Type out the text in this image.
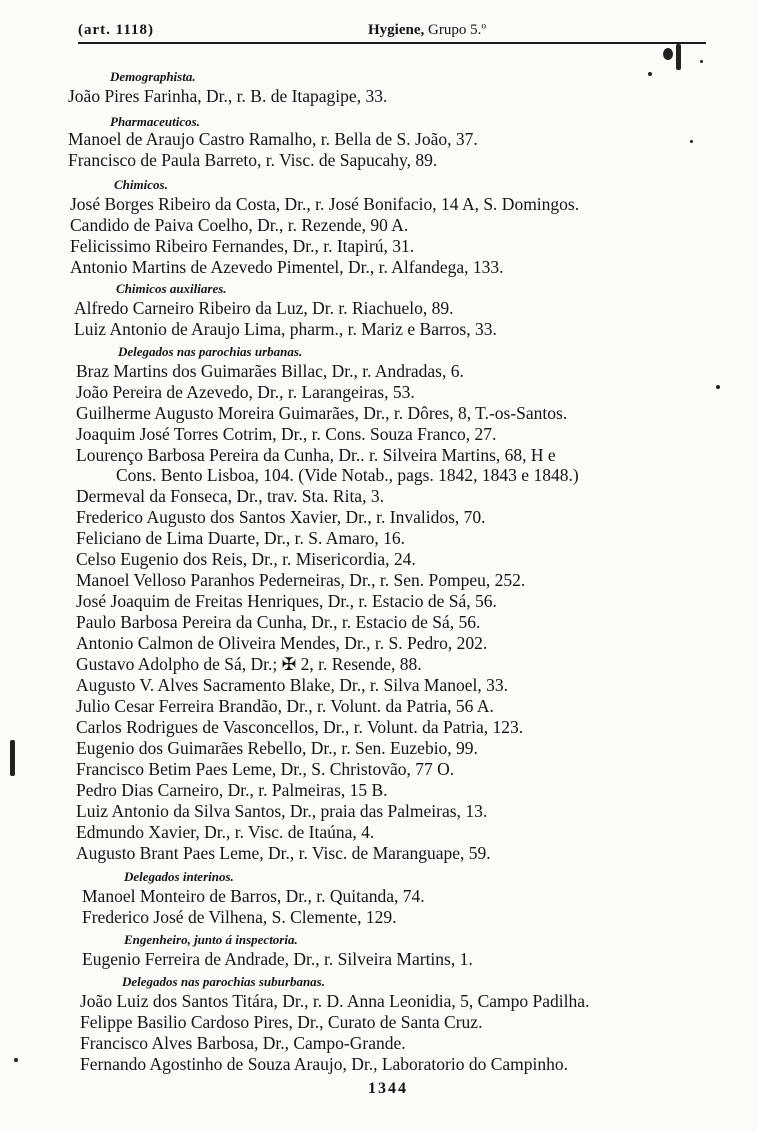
(art. 1118)	Hygiene, Grupo 5.º
Demographista.
João Pires Farinha, Dr., r. B. de Itapagipe, 33.
Pharmaceuticos.
Manoel de Araujo Castro Ramalho, r. Bella de S. João, 37.
Francisco de Paula Barreto, r. Visc. de Sapucahy, 89.
Chimicos.
José Borges Ribeiro da Costa, Dr., r. José Bonifacio, 14 A, S. Domingos.
Candido de Paiva Coelho, Dr., r. Rezende, 90 A.
Felicissimo Ribeiro Fernandes, Dr., r. Itapirú, 31.
Antonio Martins de Azevedo Pimentel, Dr., r. Alfandega, 133.
Chimicos auxiliares.
Alfredo Carneiro Ribeiro da Luz, Dr. r. Riachuelo, 89.
Luiz Antonio de Araujo Lima, pharm., r. Mariz e Barros, 33.
Delegados nas parochias urbanas.
Braz Martins dos Guimarães Billac, Dr., r. Andradas, 6.
João Pereira de Azevedo, Dr., r. Larangeiras, 53.
Guilherme Augusto Moreira Guimarães, Dr., r. Dôres, 8, T.-os-Santos.
Joaquim José Torres Cotrim, Dr., r. Cons. Souza Franco, 27.
Lourenço Barbosa Pereira da Cunha, Dr.. r. Silveira Martins, 68, H e
Cons. Bento Lisboa, 104. (Vide Notab., pags. 1842, 1843 e 1848.)
Dermeval da Fonseca, Dr., trav. Sta. Rita, 3.
Frederico Augusto dos Santos Xavier, Dr., r. Invalidos, 70.
Feliciano de Lima Duarte, Dr., r. S. Amaro, 16.
Celso Eugenio dos Reis, Dr., r. Misericordia, 24.
Manoel Velloso Paranhos Pederneiras, Dr., r. Sen. Pompeu, 252.
José Joaquim de Freitas Henriques, Dr., r. Estacio de Sá, 56.
Paulo Barbosa Pereira da Cunha, Dr., r. Estacio de Sá, 56.
Antonio Calmon de Oliveira Mendes, Dr., r. S. Pedro, 202.
Gustavo Adolpho de Sá, Dr.; ✠ 2, r. Resende, 88.
Augusto V. Alves Sacramento Blake, Dr., r. Silva Manoel, 33.
Julio Cesar Ferreira Brandão, Dr., r. Volunt. da Patria, 56 A.
Carlos Rodrigues de Vasconcellos, Dr., r. Volunt. da Patria, 123.
Eugenio dos Guimarães Rebello, Dr., r. Sen. Euzebio, 99.
Francisco Betim Paes Leme, Dr., S. Christovão, 77 O.
Pedro Dias Carneiro, Dr., r. Palmeiras, 15 B.
Luiz Antonio da Silva Santos, Dr., praia das Palmeiras, 13.
Edmundo Xavier, Dr., r. Visc. de Itaúna, 4.
Augusto Brant Paes Leme, Dr., r. Visc. de Maranguape, 59.
Delegados interinos.
Manoel Monteiro de Barros, Dr., r. Quitanda, 74.
Frederico José de Vilhena, S. Clemente, 129.
Engenheiro, junto á inspectoria.
Eugenio Ferreira de Andrade, Dr., r. Silveira Martins, 1.
Delegados nas parochias suburbanas.
João Luiz dos Santos Titára, Dr., r. D. Anna Leonidia, 5, Campo Padilha.
Felippe Basilio Cardoso Pires, Dr., Curato de Santa Cruz.
Francisco Alves Barbosa, Dr., Campo-Grande.
Fernando Agostinho de Souza Araujo, Dr., Laboratorio do Campinho.
1344
